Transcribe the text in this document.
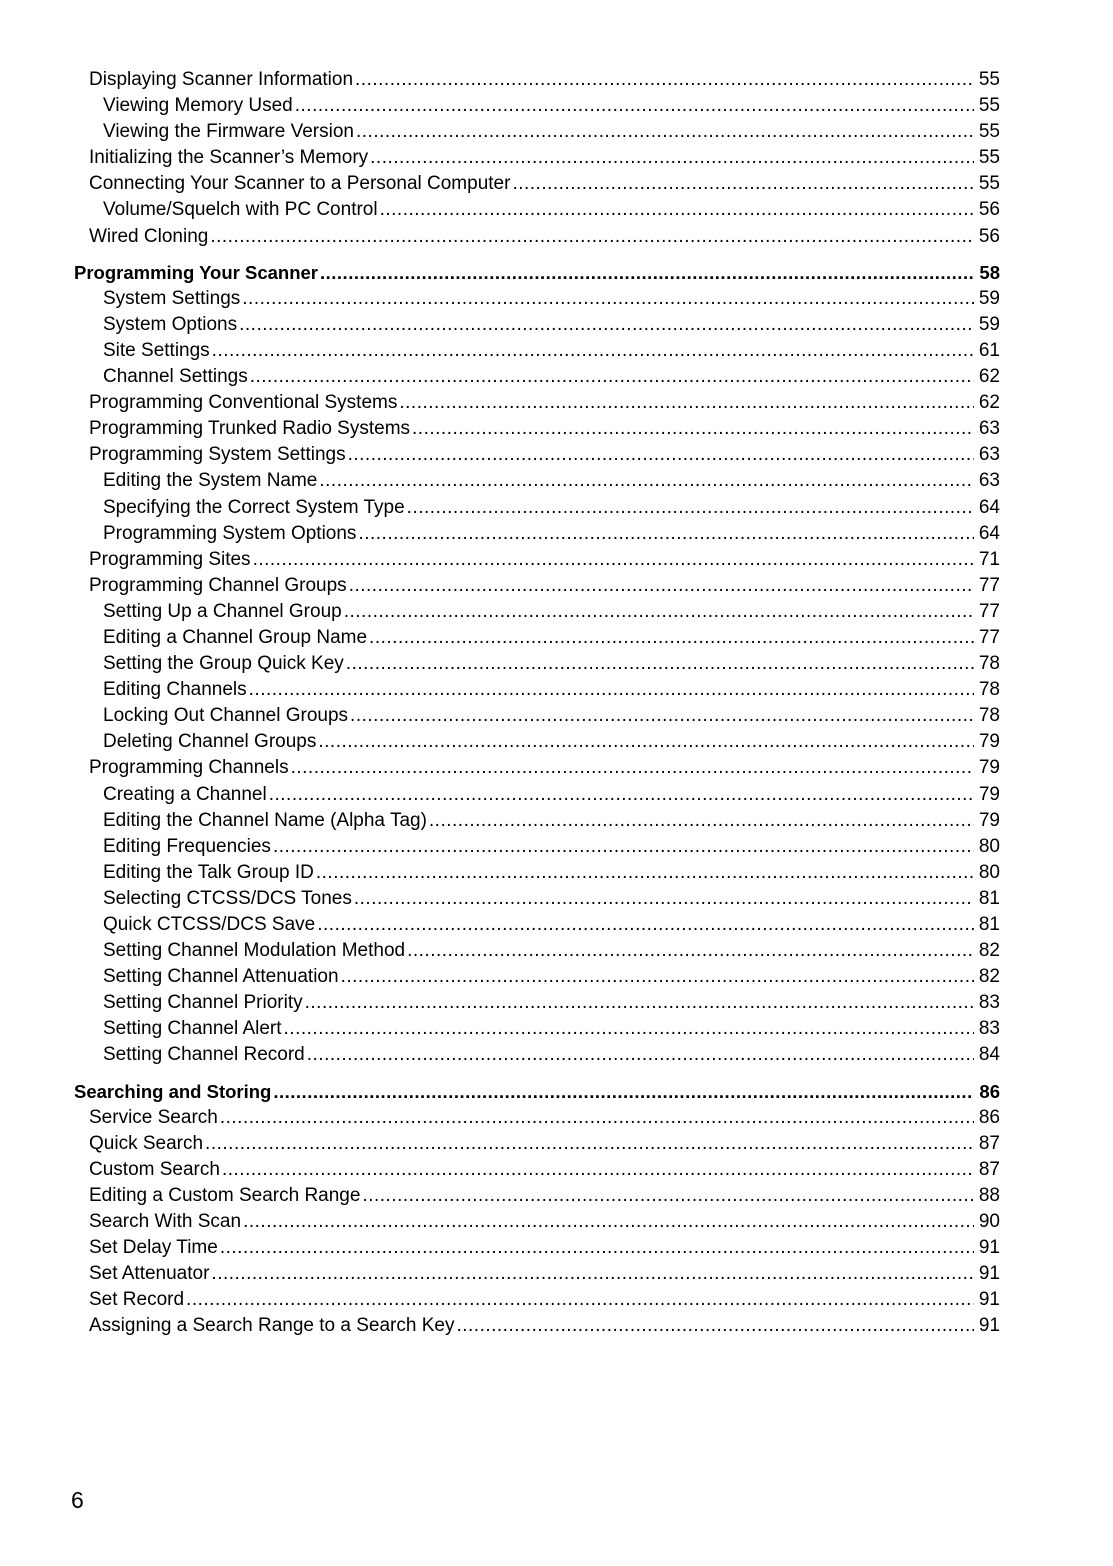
Displaying Scanner Information .....	55
Viewing Memory Used .....	55
Viewing the Firmware Version .....	55
Initializing the Scanner’s Memory .....	55
Connecting Your Scanner to a Personal Computer .....	55
Volume/Squelch with PC Control .....	56
Wired Cloning .....	56
Programming Your Scanner .....	58
System Settings .....	59
System Options .....	59
Site Settings .....	61
Channel Settings .....	62
Programming Conventional Systems .....	62
Programming Trunked Radio Systems .....	63
Programming System Settings .....	63
Editing the System Name .....	63
Specifying the Correct System Type .....	64
Programming System Options .....	64
Programming Sites .....	71
Programming Channel Groups .....	77
Setting Up a Channel Group .....	77
Editing a Channel Group Name .....	77
Setting the Group Quick Key .....	78
Editing Channels .....	78
Locking Out Channel Groups .....	78
Deleting Channel Groups .....	79
Programming Channels .....	79
Creating a Channel .....	79
Editing the Channel Name (Alpha Tag) .....	79
Editing Frequencies .....	80
Editing the Talk Group ID .....	80
Selecting CTCSS/DCS Tones .....	81
Quick CTCSS/DCS Save .....	81
Setting Channel Modulation Method .....	82
Setting Channel Attenuation .....	82
Setting Channel Priority .....	83
Setting Channel Alert .....	83
Setting Channel Record .....	84
Searching and Storing .....	86
Service Search .....	86
Quick Search .....	87
Custom Search .....	87
Editing a Custom Search Range .....	88
Search With Scan .....	90
Set Delay Time .....	91
Set Attenuator .....	91
Set Record .....	91
Assigning a Search Range to a Search Key .....	91
6
